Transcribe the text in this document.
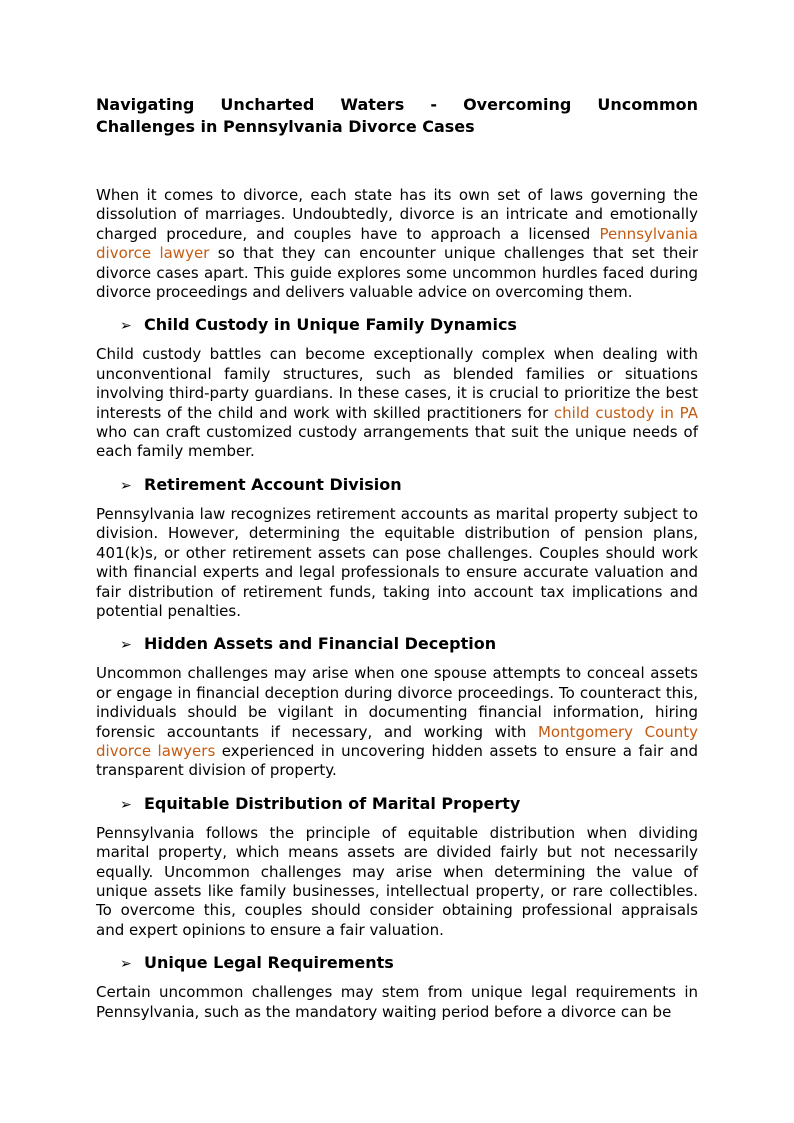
Navigating Uncharted Waters - Overcoming Uncommon Challenges in Pennsylvania Divorce Cases

When it comes to divorce, each state has its own set of laws governing the dissolution of marriages. Undoubtedly, divorce is an intricate and emotionally charged procedure, and couples have to approach a licensed Pennsylvania divorce lawyer so that they can encounter unique challenges that set their divorce cases apart. This guide explores some uncommon hurdles faced during divorce proceedings and delivers valuable advice on overcoming them.

➢ Child Custody in Unique Family Dynamics

Child custody battles can become exceptionally complex when dealing with unconventional family structures, such as blended families or situations involving third-party guardians. In these cases, it is crucial to prioritize the best interests of the child and work with skilled practitioners for child custody in PA who can craft customized custody arrangements that suit the unique needs of each family member.

➢ Retirement Account Division

Pennsylvania law recognizes retirement accounts as marital property subject to division. However, determining the equitable distribution of pension plans, 401(k)s, or other retirement assets can pose challenges. Couples should work with financial experts and legal professionals to ensure accurate valuation and fair distribution of retirement funds, taking into account tax implications and potential penalties.

➢ Hidden Assets and Financial Deception

Uncommon challenges may arise when one spouse attempts to conceal assets or engage in financial deception during divorce proceedings. To counteract this, individuals should be vigilant in documenting financial information, hiring forensic accountants if necessary, and working with Montgomery County divorce lawyers experienced in uncovering hidden assets to ensure a fair and transparent division of property.

➢ Equitable Distribution of Marital Property

Pennsylvania follows the principle of equitable distribution when dividing marital property, which means assets are divided fairly but not necessarily equally. Uncommon challenges may arise when determining the value of unique assets like family businesses, intellectual property, or rare collectibles. To overcome this, couples should consider obtaining professional appraisals and expert opinions to ensure a fair valuation.

➢ Unique Legal Requirements

Certain uncommon challenges may stem from unique legal requirements in Pennsylvania, such as the mandatory waiting period before a divorce can be
